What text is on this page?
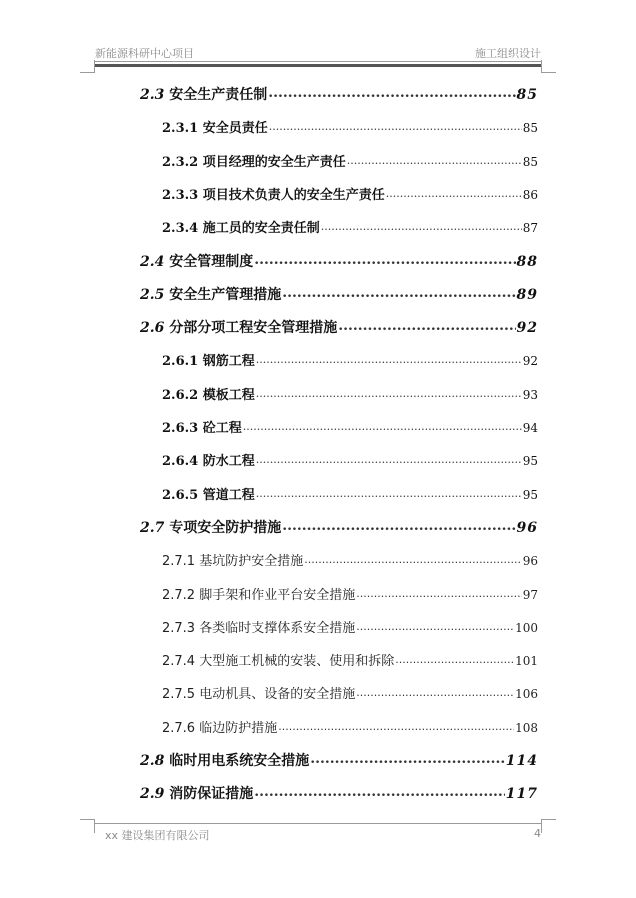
新能源科研中心项目	施工组织设计
2.3 安全生产责任制 .....	85
2.3.1 安全员责任 .....	85
2.3.2 项目经理的安全生产责任 .....	85
2.3.3 项目技术负责人的安全生产责任 .....	86
2.3.4 施工员的安全责任制 .....	87
2.4 安全管理制度 .....	88
2.5 安全生产管理措施 .....	89
2.6 分部分项工程安全管理措施 .....	92
2.6.1 钢筋工程 .....	92
2.6.2 模板工程 .....	93
2.6.3 砼工程 .....	94
2.6.4 防水工程 .....	95
2.6.5 管道工程 .....	95
2.7 专项安全防护措施 .....	96
2.7.1 基坑防护安全措施 .....	96
2.7.2 脚手架和作业平台安全措施 .....	97
2.7.3 各类临时支撑体系安全措施 .....	100
2.7.4 大型施工机械的安装、使用和拆除 .....	101
2.7.5 电动机具、设备的安全措施 .....	106
2.7.6 临边防护措施 .....	108
2.8 临时用电系统安全措施 .....	114
2.9 消防保证措施 .....	117
xx 建设集团有限公司	4
